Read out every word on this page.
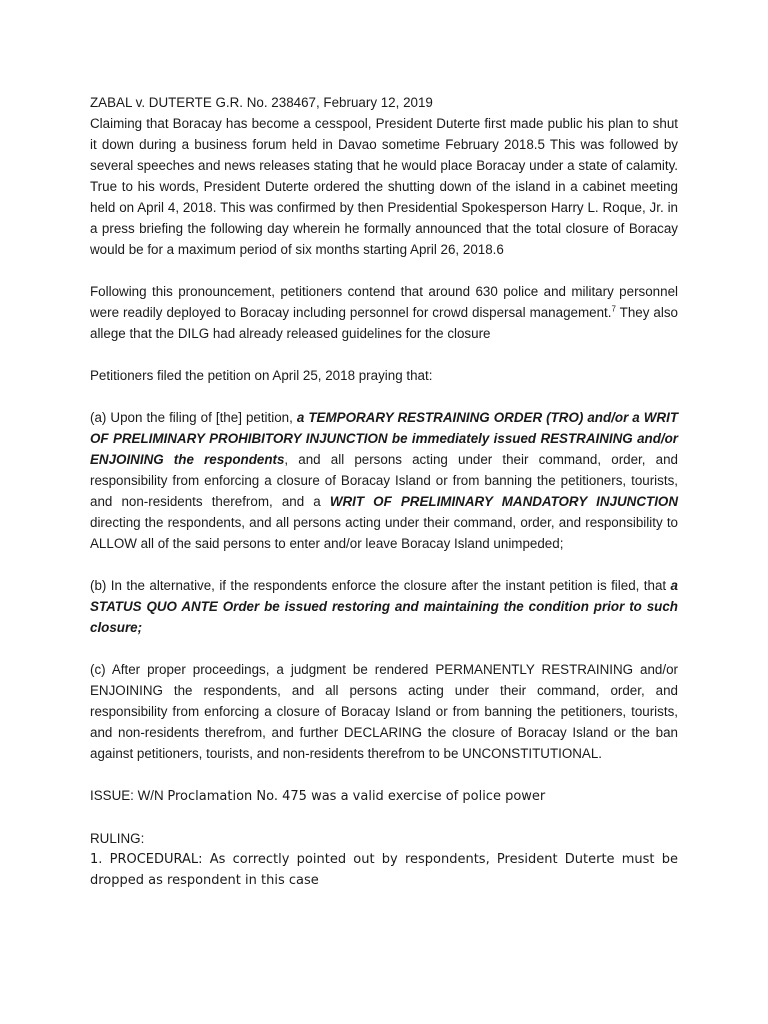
ZABAL v. DUTERTE G.R. No. 238467, February 12, 2019
Claiming that Boracay has become a cesspool, President Duterte first made public his plan to shut it down during a business forum held in Davao sometime February 2018.5 This was followed by several speeches and news releases stating that he would place Boracay under a state of calamity. True to his words, President Duterte ordered the shutting down of the island in a cabinet meeting held on April 4, 2018. This was confirmed by then Presidential Spokesperson Harry L. Roque, Jr. in a press briefing the following day wherein he formally announced that the total closure of Boracay would be for a maximum period of six months starting April 26, 2018.6
Following this pronouncement, petitioners contend that around 630 police and military personnel were readily deployed to Boracay including personnel for crowd dispersal management.$^7$ They also allege that the DILG had already released guidelines for the closure
Petitioners filed the petition on April 25, 2018 praying that:
(a) Upon the filing of [the] petition, a TEMPORARY RESTRAINING ORDER (TRO) and/or a WRIT OF PRELIMINARY PROHIBITORY INJUNCTION be immediately issued RESTRAINING and/or ENJOINING the respondents, and all persons acting under their command, order, and responsibility from enforcing a closure of Boracay Island or from banning the petitioners, tourists, and non-residents therefrom, and a WRIT OF PRELIMINARY MANDATORY INJUNCTION directing the respondents, and all persons acting under their command, order, and responsibility to ALLOW all of the said persons to enter and/or leave Boracay Island unimpeded;
(b) In the alternative, if the respondents enforce the closure after the instant petition is filed, that a STATUS QUO ANTE Order be issued restoring and maintaining the condition prior to such closure;
(c) After proper proceedings, a judgment be rendered PERMANENTLY RESTRAINING and/or ENJOINING the respondents, and all persons acting under their command, order, and responsibility from enforcing a closure of Boracay Island or from banning the petitioners, tourists, and non-residents therefrom, and further DECLARING the closure of Boracay Island or the ban against petitioners, tourists, and non-residents therefrom to be UNCONSTITUTIONAL.
ISSUE: W/N Proclamation No. 475 was a valid exercise of police power
RULING:
1. PROCEDURAL: As correctly pointed out by respondents, President Duterte must be dropped as respondent in this case
